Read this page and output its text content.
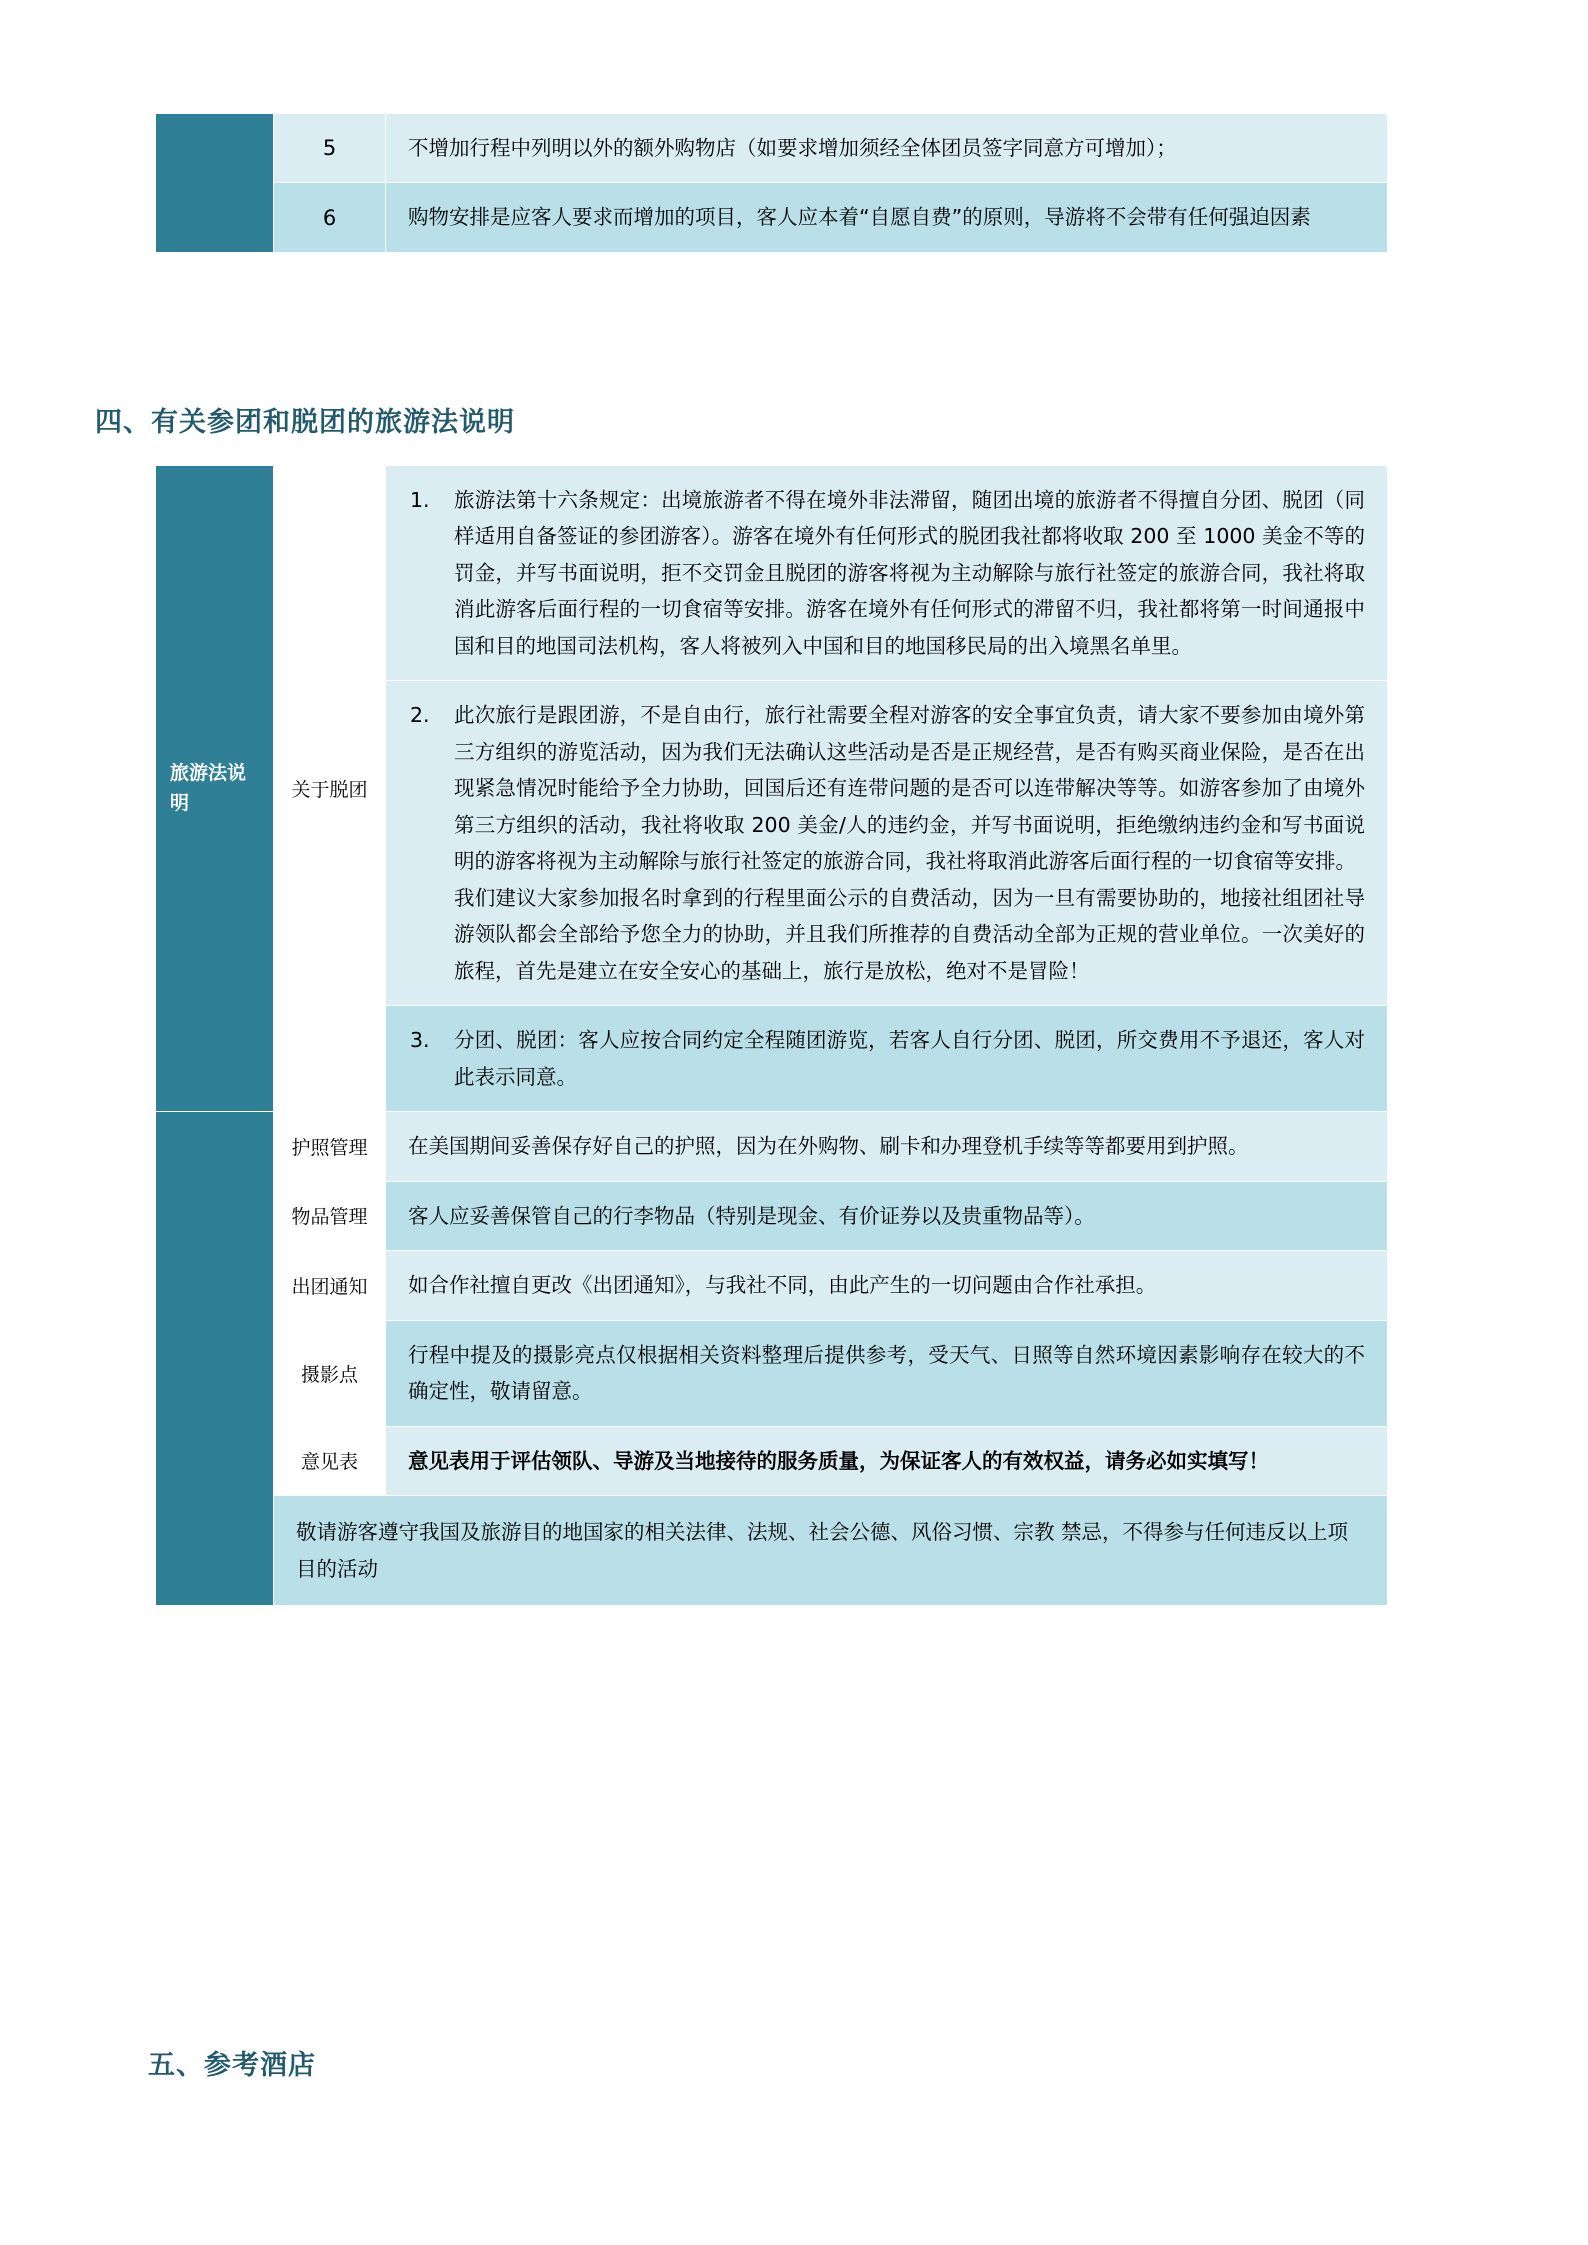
	5	不增加行程中列明以外的额外购物店（如要求增加须经全体团员签字同意方可增加）；
	6	购物安排是应客人要求而增加的项目，客人应本着“自愿自费”的原则，导游将不会带有任何强迫因素
四、有关参团和脱团的旅游法说明
旅游法说明	关于脱团	
1.	旅游法第十六条规定：出境旅游者不得在境外非法滞留，随团出境的旅游者不得擅自分团、脱团（同样适用自备签证的参团游客）。游客在境外有任何形式的脱团我社都将收取 200 至 1000 美金不等的罚金，并写书面说明，拒不交罚金且脱团的游客将视为主动解除与旅行社签定的旅游合同，我社将取消此游客后面行程的一切食宿等安排。游客在境外有任何形式的滞留不归，我社都将第一时间通报中国和目的地国司法机构，客人将被列入中国和目的地国移民局的出入境黑名单里。

2.	此次旅行是跟团游，不是自由行，旅行社需要全程对游客的安全事宜负责，请大家不要参加由境外第三方组织的游览活动，因为我们无法确认这些活动是否是正规经营，是否有购买商业保险，是否在出现紧急情况时能给予全力协助，回国后还有连带问题的是否可以连带解决等等。如游客参加了由境外第三方组织的活动，我社将收取 200 美金/人的违约金，并写书面说明，拒绝缴纳违约金和写书面说明的游客将视为主动解除与旅行社签定的旅游合同，我社将取消此游客后面行程的一切食宿等安排。
我们建议大家参加报名时拿到的行程里面公示的自费活动，因为一旦有需要协助的，地接社组团社导游领队都会全部给予您全力的协助，并且我们所推荐的自费活动全部为正规的营业单位。一次美好的旅程，首先是建立在安全安心的基础上，旅行是放松，绝对不是冒险！

3.	分团、脱团：客人应按合同约定全程随团游览，若客人自行分团、脱团，所交费用不予退还，客人对此表示同意。

	护照管理	在美国期间妥善保存好自己的护照，因为在外购物、刷卡和办理登机手续等等都要用到护照。
	物品管理	客人应妥善保管自己的行李物品（特别是现金、有价证券以及贵重物品等）。
	出团通知	如合作社擅自更改《出团通知》，与我社不同，由此产生的一切问题由合作社承担。
	摄影点	行程中提及的摄影亮点仅根据相关资料整理后提供参考，受天气、日照等自然环境因素影响存在较大的不确定性，敬请留意。
	意见表	意见表用于评估领队、导游及当地接待的服务质量，为保证客人的有效权益，请务必如实填写！
	敬请游客遵守我国及旅游目的地国家的相关法律、法规、社会公德、风俗习惯、宗教 禁忌，不得参与任何违反以上项目的活动	
五、参考酒店
